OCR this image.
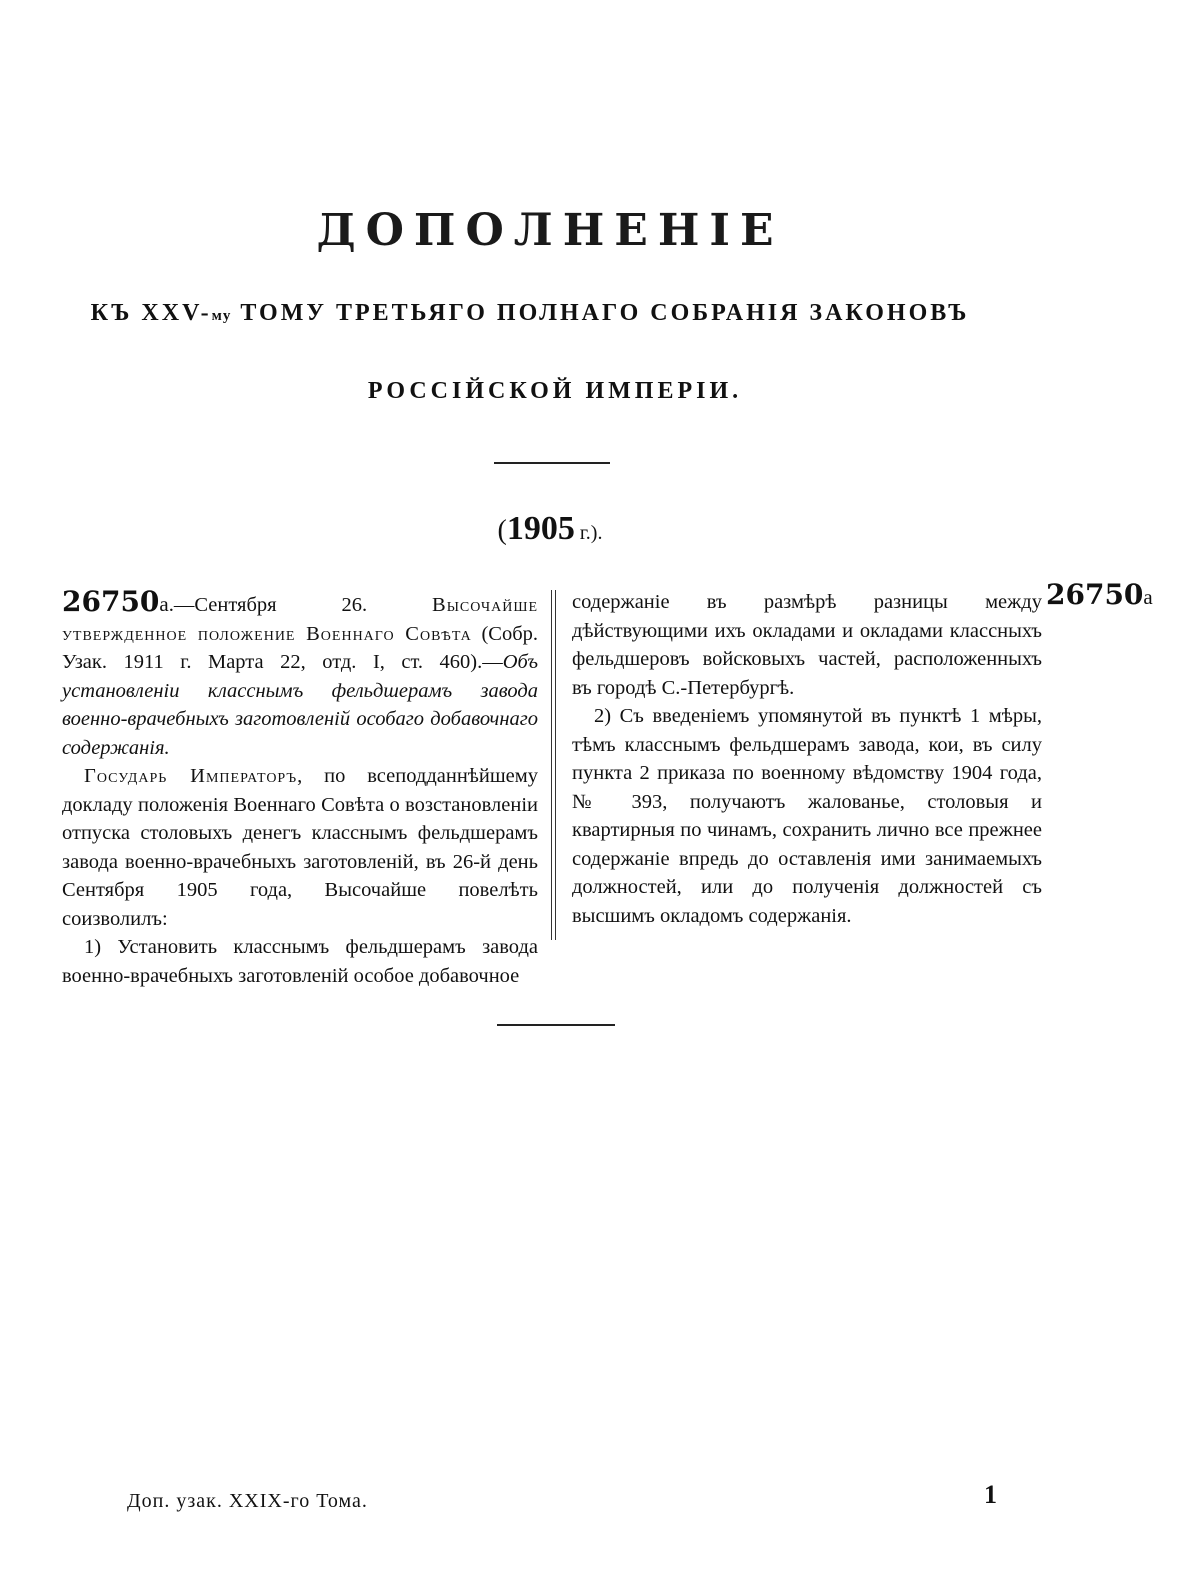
ДОПОЛНЕНІЕ
КЪ XXV-му ТОМУ ТРЕТЬЯГО ПОЛНАГО СОБРАНІЯ ЗАКОНОВЪ
РОССІЙСКОЙ ИМПЕРІИ.
(1905 г.).

26750а.—Сентября 26. Высочайше утвержденное положение Военнаго Совѣта (Собр. Узак. 1911 г. Марта 22, отд. I, ст. 460).—Объ установленіи класснымъ фельдшерамъ завода военно-врачебныхъ заготовленій особаго добавочнаго содержанія.

Государь Императоръ, по всеподданнѣйшему докладу положенія Военнаго Совѣта о возстановленіи отпуска столовыхъ денегъ класснымъ фельдшерамъ завода военно-врачебныхъ заготовленій, въ 26-й день Сентября 1905 года, Высочайше повелѣть соизволилъ:

1) Установить класснымъ фельдшерамъ завода военно-врачебныхъ заготовленій особое добавочное

содержаніе въ размѣрѣ разницы между дѣйствующими ихъ окладами и окладами классныхъ фельдшеровъ войсковыхъ частей, расположенныхъ въ городѣ С.-Петербургѣ.

2) Съ введеніемъ упомянутой въ пунктѣ 1 мѣры, тѣмъ класснымъ фельдшерамъ завода, кои, въ силу пункта 2 приказа по военному вѣдомству 1904 года, № 393, получаютъ жалованье, столовыя и квартирныя по чинамъ, сохранить лично все прежнее содержаніе впредь до оставленія ими занимаемыхъ должностей, или до полученія должностей съ высшимъ окладомъ содержанія.

26750а
Доп. узак. XXIX-го Тома.	1
